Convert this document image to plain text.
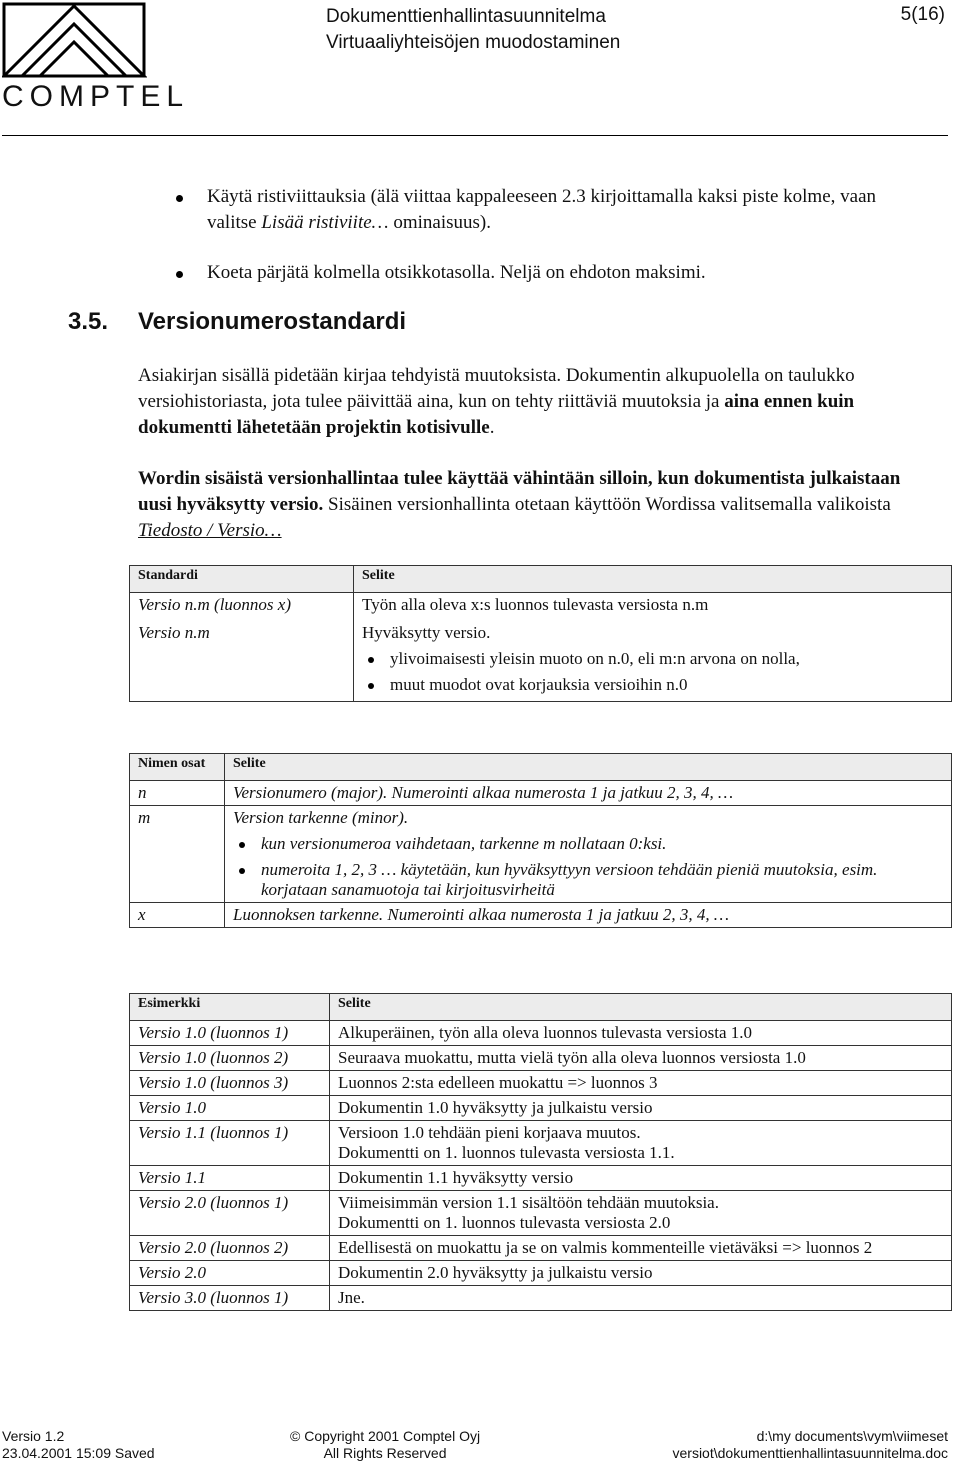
COMPTEL
Dokumenttienhallintasuunnitelma
Virtuaaliyhteisöjen muodostaminen
5(16)
Käytä ristiviittauksia (älä viittaa kappaleeseen 2.3 kirjoittamalla kaksi piste kolme, vaan valitse Lisää ristiviite… ominaisuus).
Koeta pärjätä kolmella otsikkotasolla. Neljä on ehdoton maksimi.
3.5. Versionumerostandardi
Asiakirjan sisällä pidetään kirjaa tehdyistä muutoksista. Dokumentin alkupuolella on taulukko versiohistoriasta, jota tulee päivittää aina, kun on tehty riittäviä muutoksia ja aina ennen kuin dokumentti lähetetään projektin kotisivulle.
Wordin sisäistä versionhallintaa tulee käyttää vähintään silloin, kun dokumentista julkaistaan uusi hyväksytty versio. Sisäinen versionhallinta otetaan käyttöön Wordissa valitsemalla valikoista Tiedosto / Versio…
Standardi	Selite
Versio n.m (luonnos x)	Työn alla oleva x:s luonnos tulevasta versiosta n.m
Versio n.m	Hyväksytty versio.
ylivoimaisesti yleisin muoto on n.0, eli m:n arvona on nolla,
muut muodot ovat korjauksia versioihin n.0
Nimen osat	Selite
n	Versionumero (major). Numerointi alkaa numerosta 1 ja jatkuu 2, 3, 4, …
m	Version tarkenne (minor).
kun versionumeroa vaihdetaan, tarkenne m nollataan 0:ksi.
numeroita 1, 2, 3 … käytetään, kun hyväksyttyyn versioon tehdään pieniä muutoksia, esim. korjataan sanamuotoja tai kirjoitusvirheitä

x	Luonnoksen tarkenne. Numerointi alkaa numerosta 1 ja jatkuu 2, 3, 4, …
Esimerkki	Selite
Versio 1.0 (luonnos 1)	Alkuperäinen, työn alla oleva luonnos tulevasta versiosta 1.0
Versio 1.0 (luonnos 2)	Seuraava muokattu, mutta vielä työn alla oleva luonnos versiosta 1.0
Versio 1.0 (luonnos 3)	Luonnos 2:sta edelleen muokattu => luonnos 3
Versio 1.0	Dokumentin 1.0 hyväksytty ja julkaistu versio
Versio 1.1 (luonnos 1)	Versioon 1.0 tehdään pieni korjaava muutos.
Dokumentti on 1. luonnos tulevasta versiosta 1.1.

Versio 1.1	Dokumentin 1.1 hyväksytty versio
Versio 2.0 (luonnos 1)	Viimeisimmän version 1.1 sisältöön tehdään muutoksia.
Dokumentti on 1. luonnos tulevasta versiosta 2.0

Versio 2.0 (luonnos 2)	Edellisestä on muokattu ja se on valmis kommenteille vietäväksi => luonnos 2
Versio 2.0	Dokumentin 2.0 hyväksytty ja julkaistu versio
Versio 3.0 (luonnos 1)	Jne.
Versio 1.2
23.04.2001 15:09 Saved
© Copyright 2001 Comptel Oyj
All Rights Reserved
d:\my documents\vym\viimeset
versiot\dokumenttienhallintasuunnitelma.doc
